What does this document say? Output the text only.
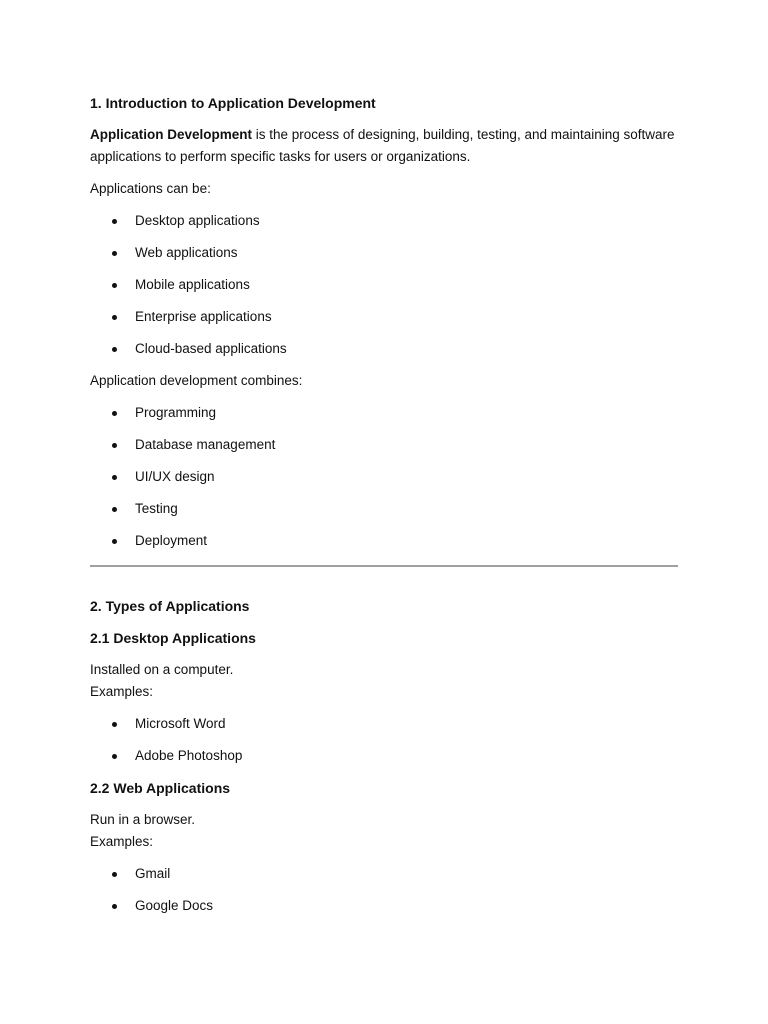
1. Introduction to Application Development

Application Development is the process of designing, building, testing, and maintaining software applications to perform specific tasks for users or organizations.

Applications can be:

Desktop applications
Web applications
Mobile applications
Enterprise applications
Cloud-based applications

Application development combines:

Programming
Database management
UI/UX design
Testing
Deployment
2. Types of Applications
2.1 Desktop Applications

Installed on a computer.

Examples:

Microsoft Word
Adobe Photoshop
2.2 Web Applications

Run in a browser.

Examples:

Gmail
Google Docs
